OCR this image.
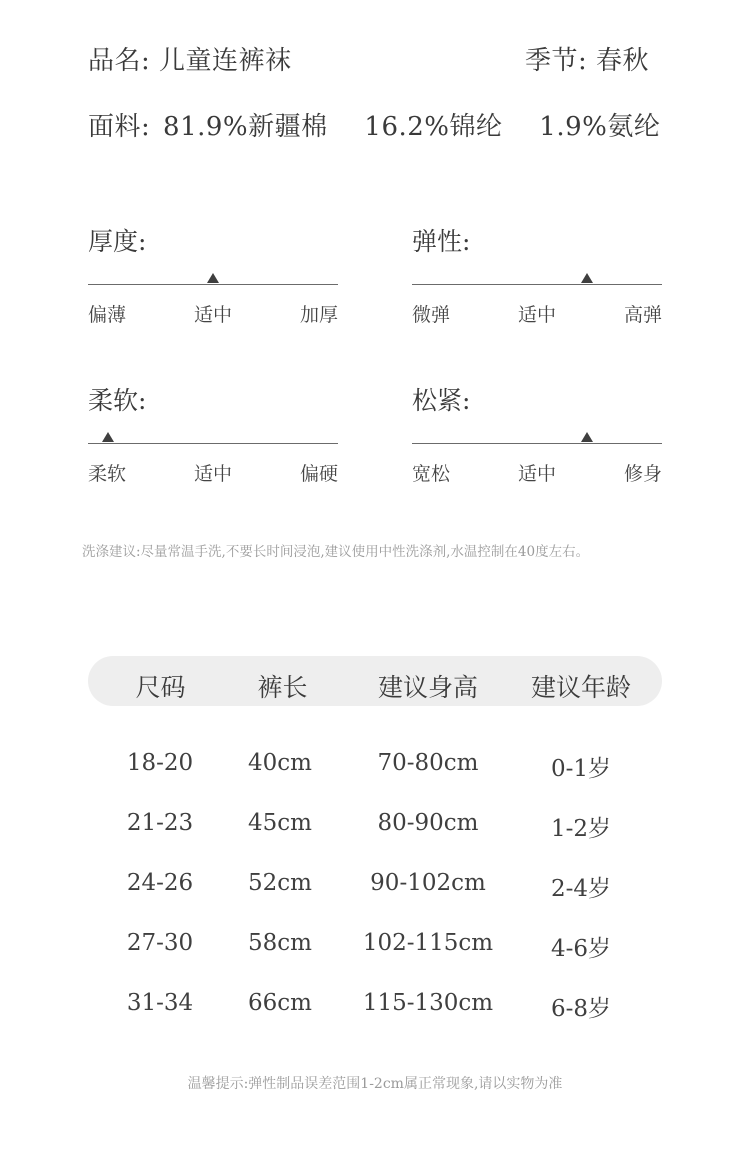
品名: 儿童连裤袜	季节: 春秋
面料: 81.9%新疆棉 16.2%锦纶 1.9%氨纶
厚度:
偏薄	适中	加厚
弹性:
微弹	适中	高弹
柔软:
柔软	适中	偏硬
松紧:
宽松	适中	修身
洗涤建议:尽量常温手洗,不要长时间浸泡,建议使用中性洗涤剂,水温控制在40度左右。
尺码	裤长	建议身高	建议年龄
18-20	40cm	70-80cm	0-1岁
21-23	45cm	80-90cm	1-2岁
24-26	52cm	90-102cm	2-4岁
27-30	58cm	102-115cm	4-6岁
31-34	66cm	115-130cm	6-8岁
温馨提示:弹性制品误差范围1-2cm属正常现象,请以实物为准
